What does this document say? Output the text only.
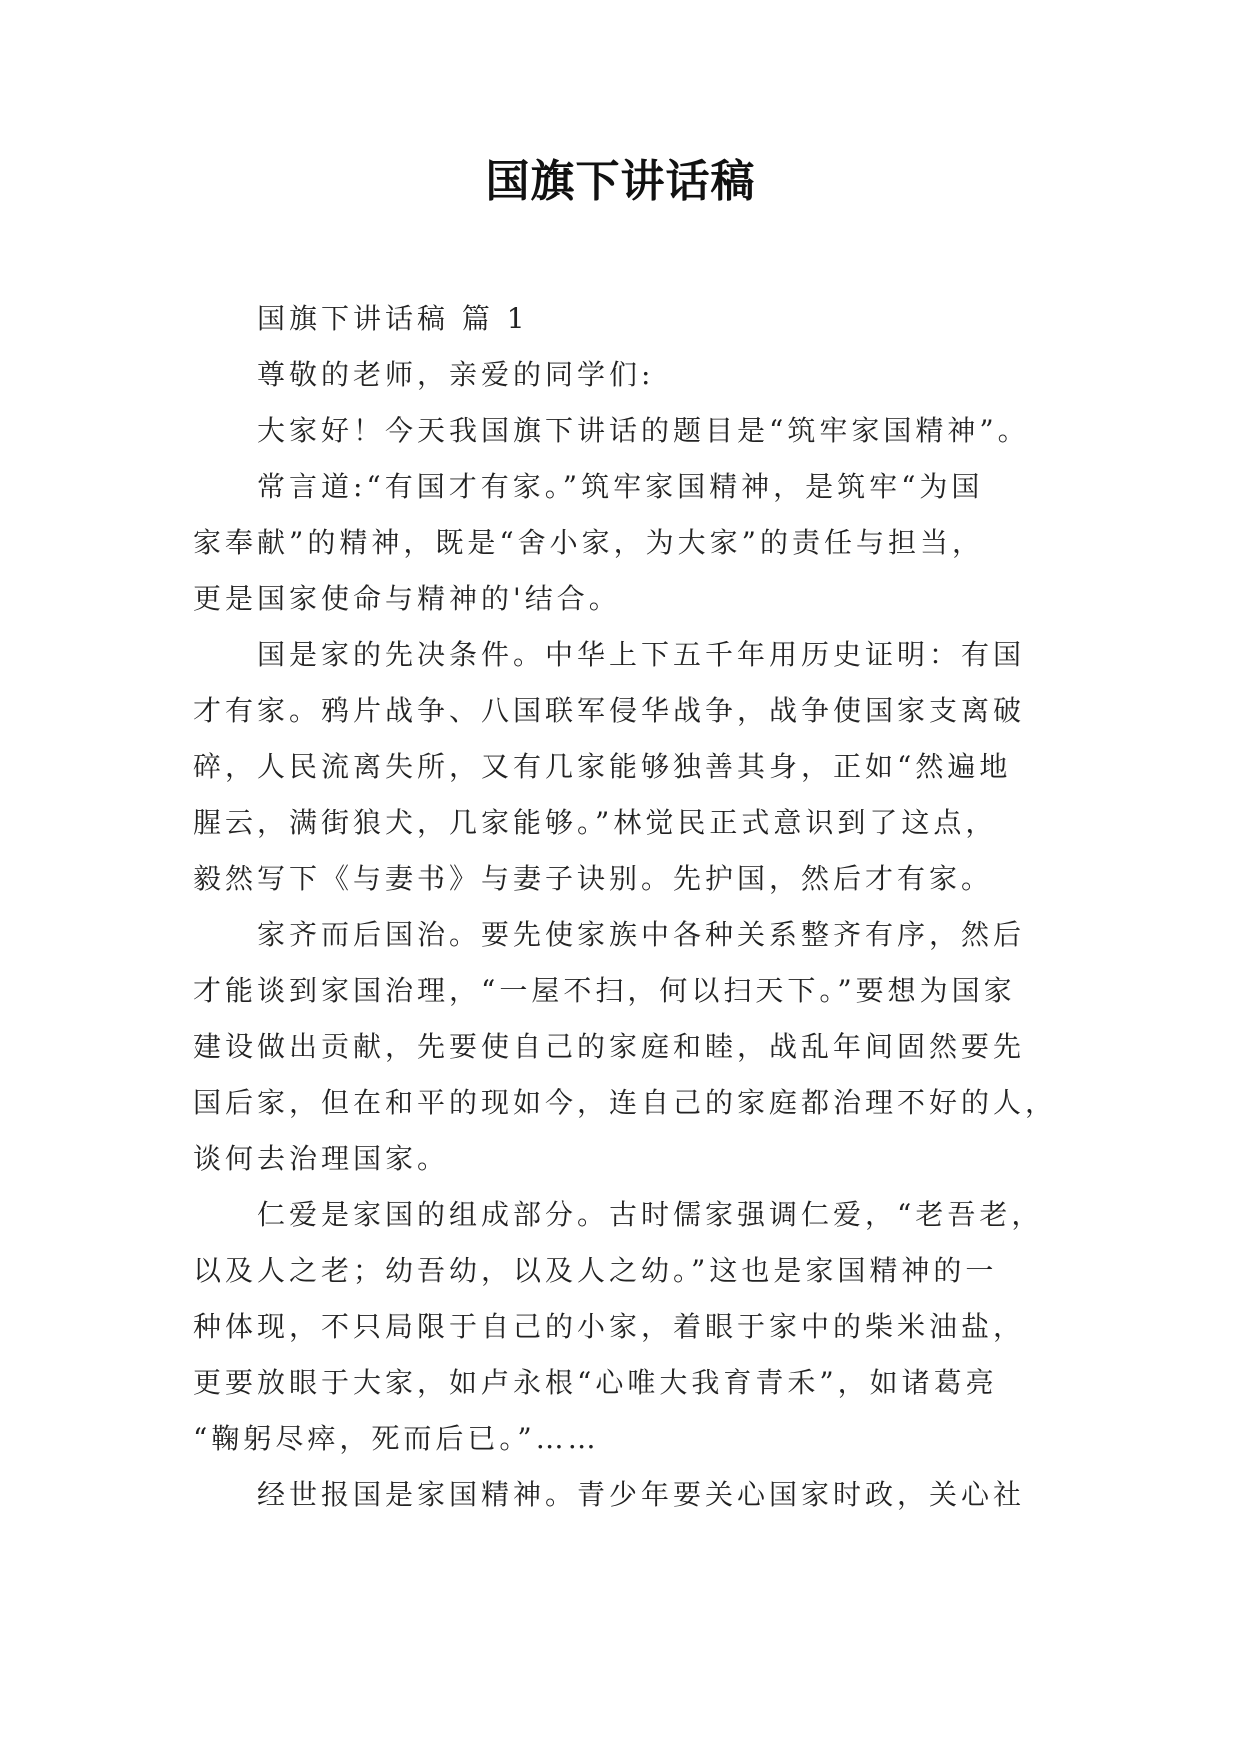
国旗下讲话稿
国旗下讲话稿 篇 1
尊敬的老师，亲爱的同学们:
大家好！今天我国旗下讲话的题目是“筑牢家国精神”。
常言道:“有国才有家。”筑牢家国精神，是筑牢“为国
家奉献”的精神，既是“舍小家，为大家”的责任与担当，
更是国家使命与精神的'结合。
国是家的先决条件。中华上下五千年用历史证明：有国
才有家。鸦片战争、八国联军侵华战争，战争使国家支离破
碎，人民流离失所，又有几家能够独善其身，正如“然遍地
腥云，满街狼犬，几家能够。”林觉民正式意识到了这点，
毅然写下《与妻书》与妻子诀别。先护国，然后才有家。
家齐而后国治。要先使家族中各种关系整齐有序，然后
才能谈到家国治理，“一屋不扫，何以扫天下。”要想为国家
建设做出贡献，先要使自己的家庭和睦，战乱年间固然要先
国后家，但在和平的现如今，连自己的家庭都治理不好的人，
谈何去治理国家。
仁爱是家国的组成部分。古时儒家强调仁爱，“老吾老，
以及人之老；幼吾幼，以及人之幼。”这也是家国精神的一
种体现，不只局限于自己的小家，着眼于家中的柴米油盐，
更要放眼于大家，如卢永根“心唯大我育青禾”，如诸葛亮
“鞠躬尽瘁，死而后已。”……
经世报国是家国精神。青少年要关心国家时政，关心社
